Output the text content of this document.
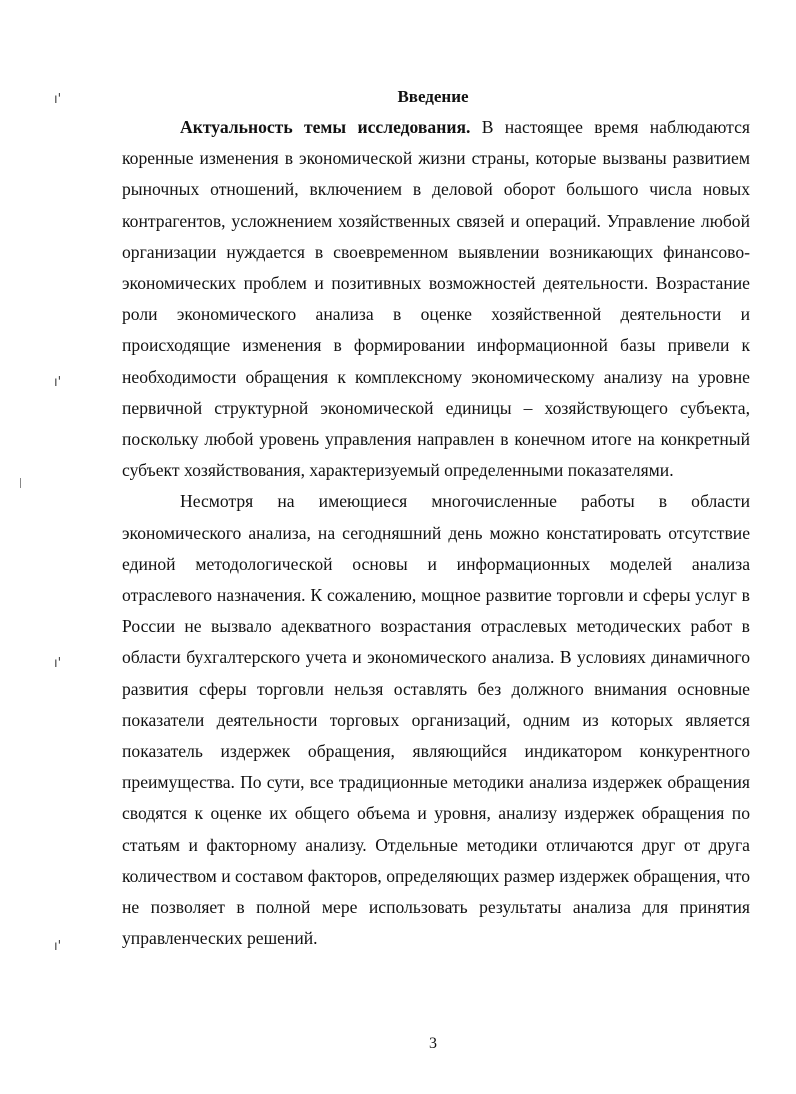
ı'
ı'
ı'
ı'
Введение

Актуальность темы исследования. В настоящее время наблюдаются коренные изменения в экономической жизни страны, которые вызваны развитием рыночных отношений, включением в деловой оборот большого числа новых контрагентов, усложнением хозяйственных связей и операций. Управление любой организации нуждается в своевременном выявлении возникающих финансово-экономических проблем и позитивных возможностей деятельности. Возрастание роли экономического анализа в оценке хозяйственной деятельности и происходящие изменения в формировании информационной базы привели к необходимости обращения к комплексному экономическому анализу на уровне первичной структурной экономической единицы – хозяйствующего субъекта, поскольку любой уровень управления направлен в конечном итоге на конкретный субъект хозяйствования, характеризуемый определенными показателями.

Несмотря на имеющиеся многочисленные работы в области экономического анализа, на сегодняшний день можно констатировать отсутствие единой методологической основы и информационных моделей анализа отраслевого назначения. К сожалению, мощное развитие торговли и сферы услуг в России не вызвало адекватного возрастания отраслевых методических работ в области бухгалтерского учета и экономического анализа. В условиях динамичного развития сферы торговли нельзя оставлять без должного внимания основные показатели деятельности торговых организаций, одним из которых является показатель издержек обращения, являющийся индикатором конкурентного преимущества. По сути, все традиционные методики анализа издержек обращения сводятся к оценке их общего объема и уровня, анализу издержек обращения по статьям и факторному анализу. Отдельные методики отличаются друг от друга количеством и составом факторов, определяющих размер издержек обращения, что не позволяет в полной мере использовать результаты анализа для принятия управленческих решений.

3
